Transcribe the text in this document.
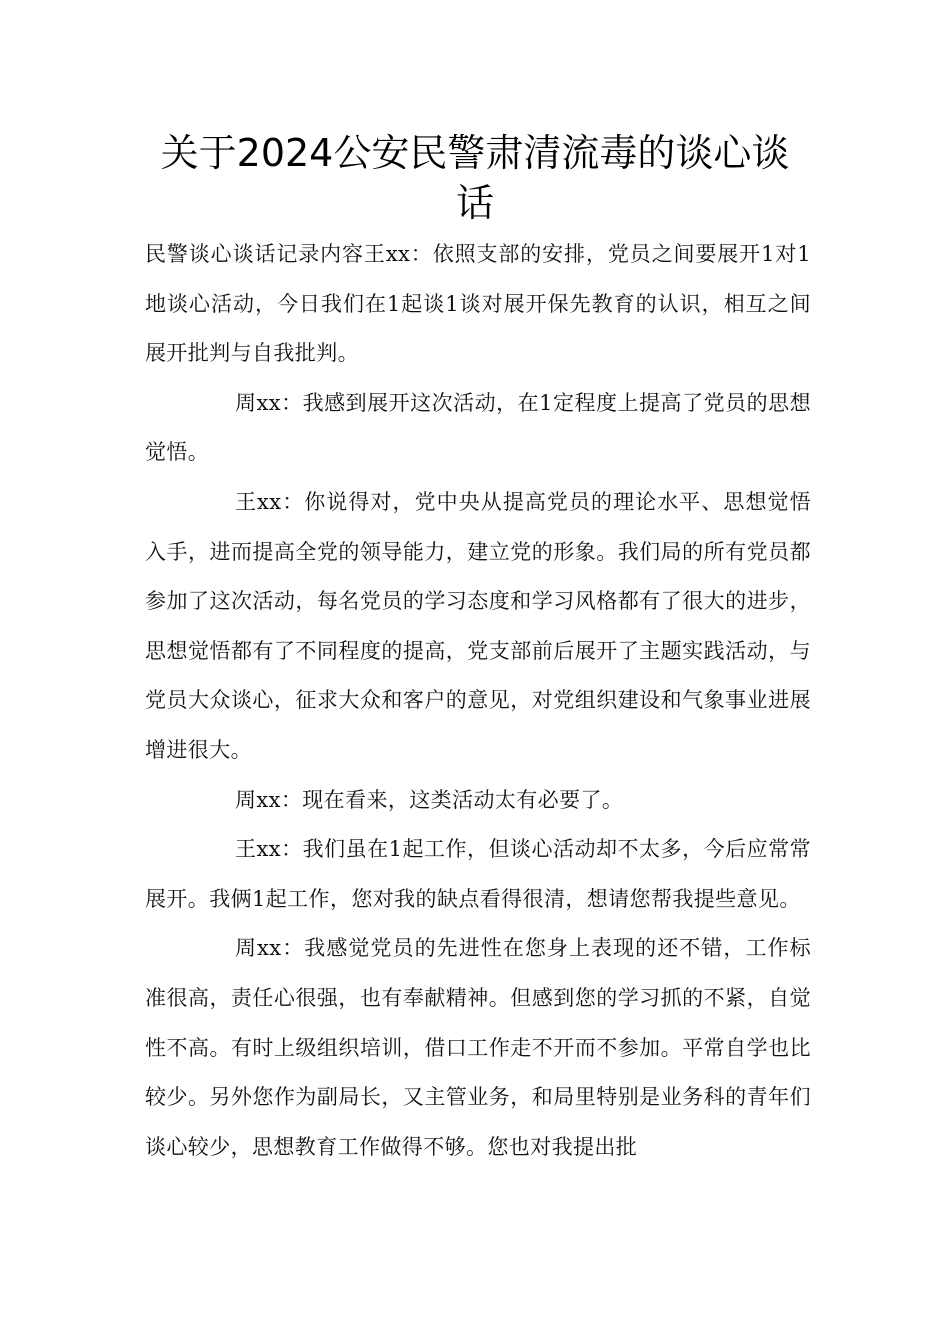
关于2024公安民警肃清流毒的谈心谈话

民警谈心谈话记录内容王xx：依照支部的安排，党员之间要展开1对1地谈心活动，今日我们在1起谈1谈对展开保先教育的认识，相互之间展开批判与自我批判。

周xx：我感到展开这次活动，在1定程度上提高了党员的思想觉悟。

王xx：你说得对，党中央从提高党员的理论水平、思想觉悟入手，进而提高全党的领导能力，建立党的形象。我们局的所有党员都参加了这次活动，每名党员的学习态度和学习风格都有了很大的进步，思想觉悟都有了不同程度的提高，党支部前后展开了主题实践活动，与党员大众谈心，征求大众和客户的意见，对党组织建设和气象事业进展增进很大。

周xx：现在看来，这类活动太有必要了。

王xx：我们虽在1起工作，但谈心活动却不太多，今后应常常展开。我俩1起工作，您对我的缺点看得很清，想请您帮我提些意见。

周xx：我感觉党员的先进性在您身上表现的还不错，工作标准很高，责任心很强，也有奉献精神。但感到您的学习抓的不紧，自觉性不高。有时上级组织培训，借口工作走不开而不参加。平常自学也比较少。另外您作为副局长，又主管业务，和局里特别是业务科的青年们谈心较少，思想教育工作做得不够。您也对我提出批
